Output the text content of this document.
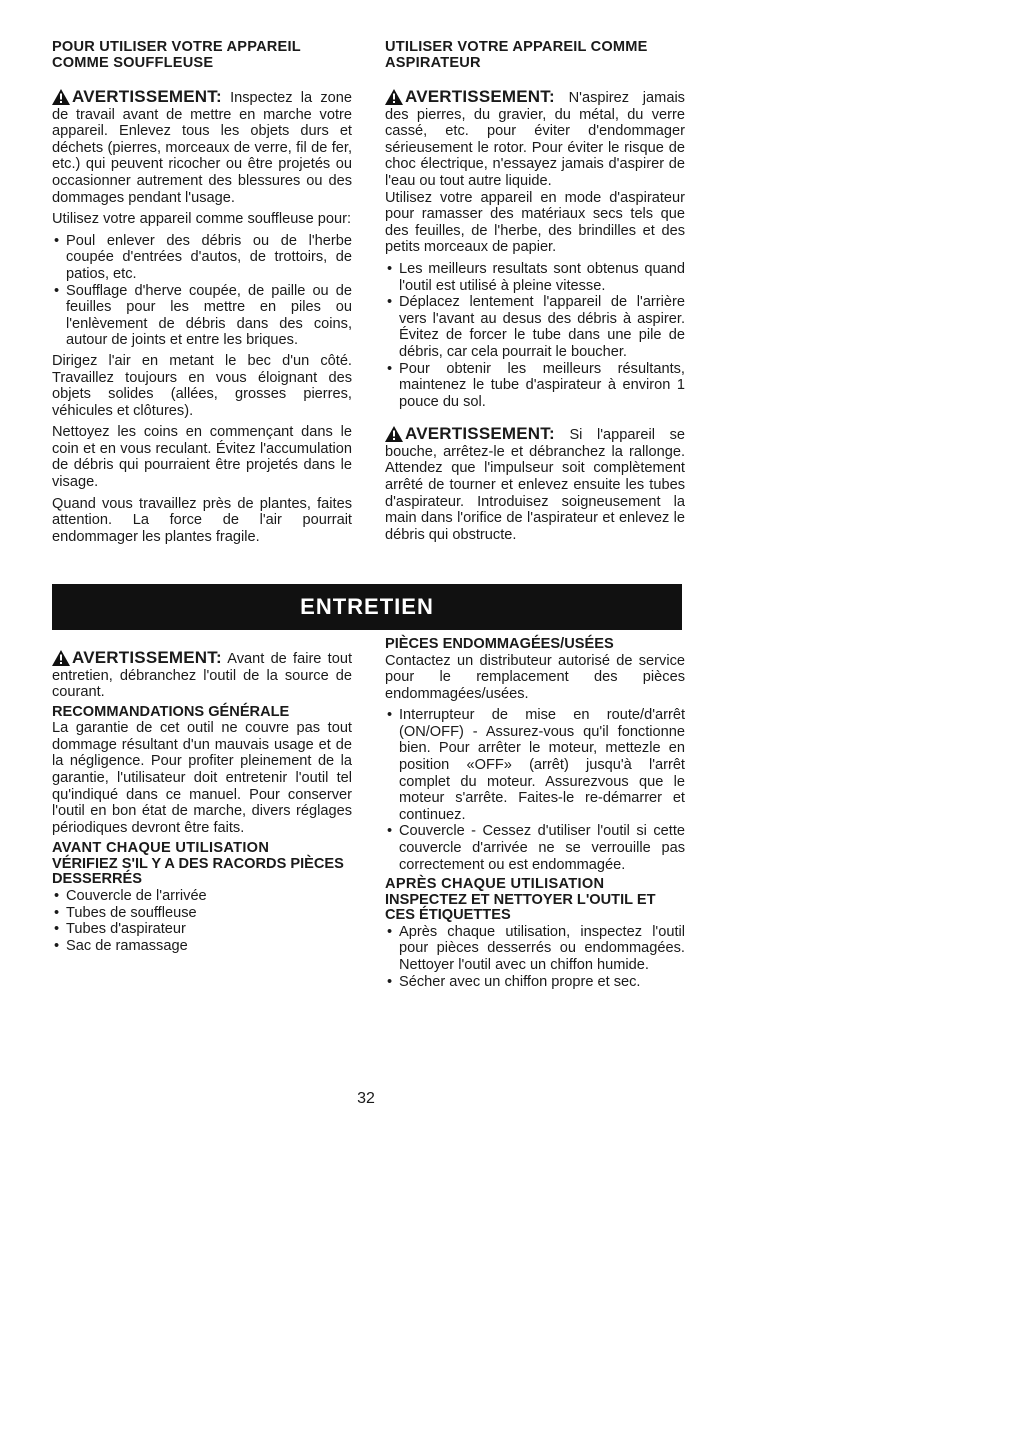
POUR UTILISER VOTRE APPAREIL COMME SOUFFLEUSE

AVERTISSEMENT: Inspectez la zone de travail avant de mettre en marche votre appareil. Enlevez tous les objets durs et déchets (pierres, morceaux de verre, fil de fer, etc.) qui peuvent ricocher ou être projetés ou occasionner autrement des blessures ou des dommages pendant l'usage.

Utilisez votre appareil comme souffleuse pour:

• Poul enlever des débris ou de l'herbe coupée d'entrées d'autos, de trottoirs, de patios, etc.
• Soufflage d'herve coupée, de paille ou de feuilles pour les mettre en piles ou l'enlèvement de débris dans des coins, autour de joints et entre les briques.

Dirigez l'air en metant le bec d'un côté. Travaillez toujours en vous éloignant des objets solides (allées, grosses pierres, véhicules et clôtures).

Nettoyez les coins en commençant dans le coin et en vous reculant. Évitez l'accumulation de débris qui pourraient être projetés dans le visage.

Quand vous travaillez près de plantes, faites attention. La force de l'air pourrait endommager les plantes fragile.

UTILISER VOTRE APPAREIL COMME ASPIRATEUR

AVERTISSEMENT: N'aspirez jamais des pierres, du gravier, du métal, du verre cassé, etc. pour éviter d'endommager sérieusement le rotor. Pour éviter le risque de choc électrique, n'essayez jamais d'aspirer de l'eau ou tout autre liquide.

Utilisez votre appareil en mode d'aspirateur pour ramasser des matériaux secs tels que des feuilles, de l'herbe, des brindilles et des petits morceaux de papier.

• Les meilleurs resultats sont obtenus quand l'outil est utilisé à pleine vitesse.
• Déplacez lentement l'appareil de l'arrière vers l'avant au desus des débris à aspirer. Évitez de forcer le tube dans une pile de débris, car cela pourrait le boucher.
• Pour obtenir les meilleurs résultants, maintenez le tube d'aspirateur à environ 1 pouce du sol.

AVERTISSEMENT: Si l'appareil se bouche, arrêtez-le et débranchez la rallonge. Attendez que l'impulseur soit complètement arrêté de tourner et enlevez ensuite les tubes d'aspirateur. Introduisez soigneusement la main dans l'orifice de l'aspirateur et enlevez le débris qui obstructe.

ENTRETIEN

AVERTISSEMENT: Avant de faire tout entretien, débranchez l'outil de la source de courant.

RECOMMANDATIONS GÉNÉRALE

La garantie de cet outil ne couvre pas tout dommage résultant d'un mauvais usage et de la négligence. Pour profiter pleinement de la garantie, l'utilisateur doit entretenir l'outil tel qu'indiqué dans ce manuel. Pour conserver l'outil en bon état de marche, divers réglages périodiques devront être faits.

AVANT CHAQUE UTILISATION
VÉRIFIEZ S'IL Y A DES RACORDS PIÈCES DESSERRÉS
• Couvercle de l'arrivée
• Tubes de souffleuse
• Tubes d'aspirateur
• Sac de ramassage
PIÈCES ENDOMMAGÉES/USÉES

Contactez un distributeur autorisé de service pour le remplacement des pièces endommagées/usées.

• Interrupteur de mise en route/d'arrêt (ON/OFF) - Assurez-vous qu'il fonctionne bien. Pour arrêter le moteur, mettezle en position «OFF» (arrêt) jusqu'à l'arrêt complet du moteur. Assurezvous que le moteur s'arrête. Faites-le re-démarrer et continuez.
• Couvercle - Cessez d'utiliser l'outil si cette couvercle d'arrivée ne se verrouille pas correctement ou est endommagée.
APRÈS CHAQUE UTILISATION
INSPECTEZ ET NETTOYER L'OUTIL ET CES ÉTIQUETTES
• Après chaque utilisation, inspectez l'outil pour pièces desserrés ou endommagées. Nettoyer l'outil avec un chiffon humide.
• Sécher avec un chiffon propre et sec.
32
